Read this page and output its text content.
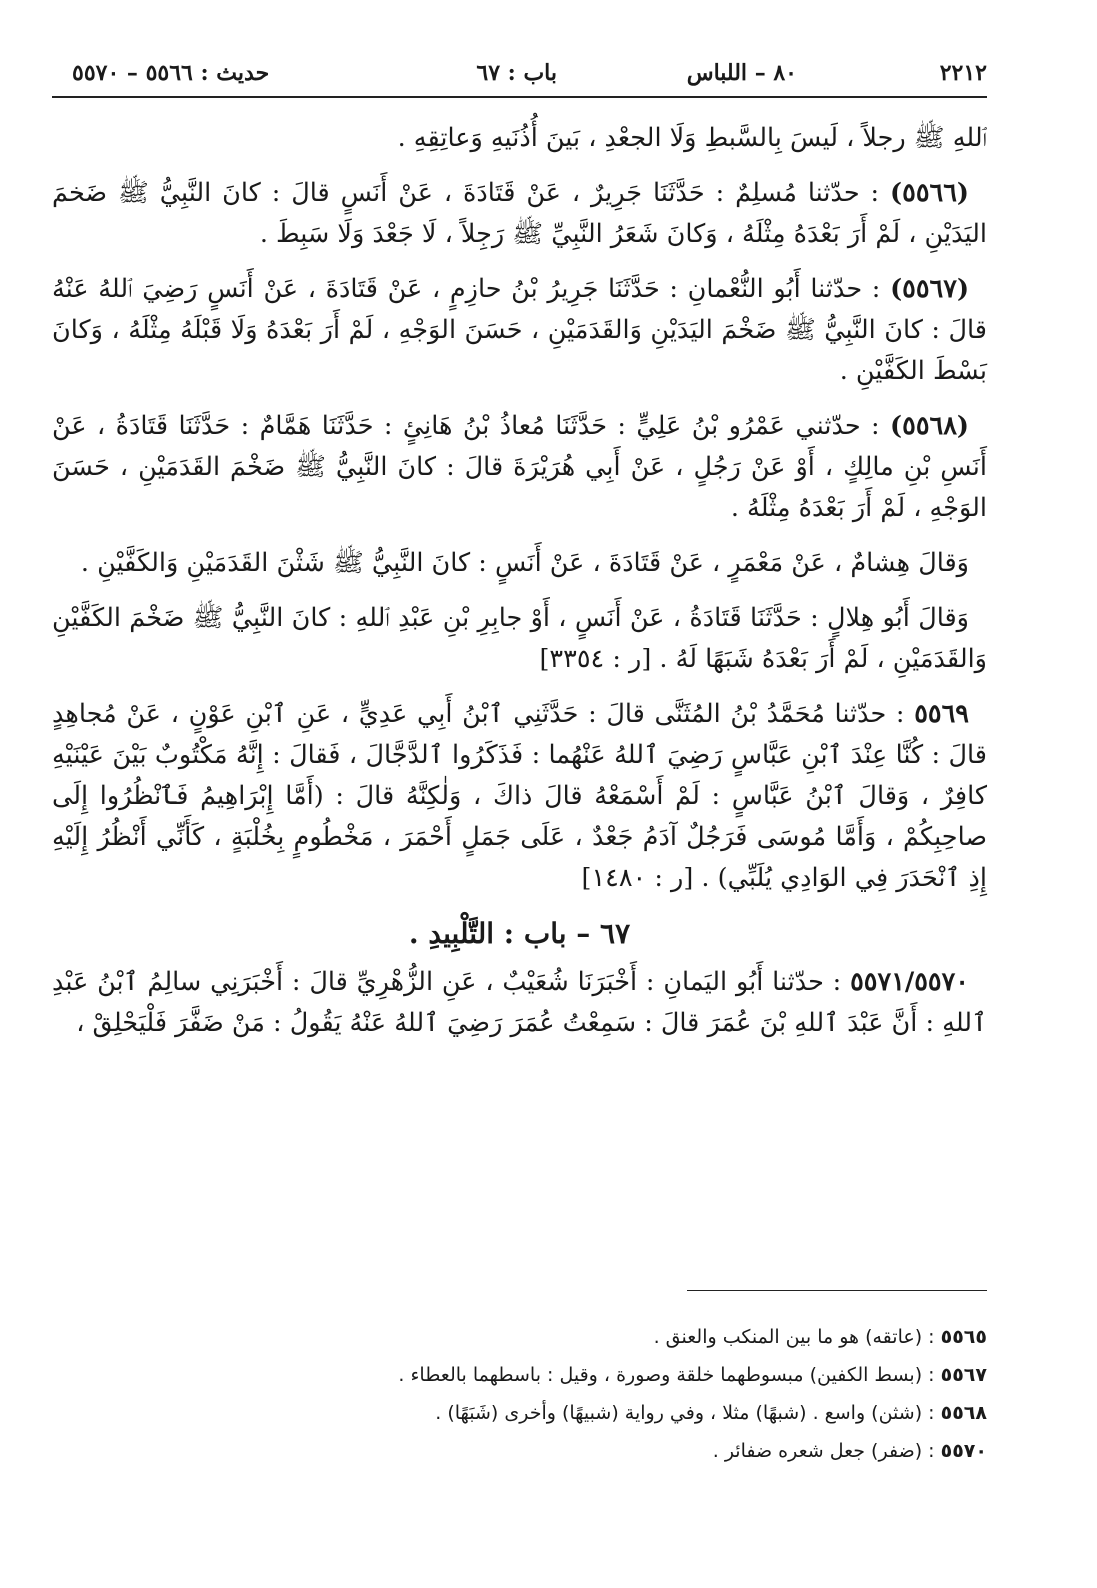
٢٢١٢
٨٠ – اللباس
باب : ٦٧
حديث : ٥٥٦٦ – ٥٥٧٠

ٱللهِ ﷺ رجلاً ، لَيسَ بِالسَّبطِ وَلَا الجعْدِ ، بَينَ أُذُنَيهِ وَعاتِقِهِ .

(٥٥٦٦) : حدّثنا مُسلِمٌ : حَدَّثَنَا جَرِيرٌ ، عَنْ قَتَادَةَ ، عَنْ أَنَسٍ قالَ : كانَ النَّبِيُّ ﷺ ضَخمَ اليَدَيْنِ ، لَمْ أَرَ بَعْدَهُ مِثْلَهُ ، وَكانَ شَعَرُ النَّبِيِّ ﷺ رَجِلاً ، لَا جَعْدَ وَلَا سَبِطَ .

(٥٥٦٧) : حدّثنا أَبُو النُّعْمانِ : حَدَّثَنَا جَرِيرُ بْنُ حازِمٍ ، عَنْ قَتَادَةَ ، عَنْ أَنَسٍ رَضِيَ ٱللهُ عَنْهُ قالَ : كانَ النَّبِيُّ ﷺ ضَخْمَ اليَدَيْنِ وَالقَدَمَيْنِ ، حَسَنَ الوَجْهِ ، لَمْ أَرَ بَعْدَهُ وَلَا قَبْلَهُ مِثْلَهُ ، وَكانَ بَسْطَ الكَفَّيْنِ .

(٥٥٦٨) : حدّثني عَمْرُو بْنُ عَلِيٍّ : حَدَّثَنَا مُعاذُ بْنُ هَانِئٍ : حَدَّثَنَا هَمَّامٌ : حَدَّثَنَا قَتَادَةُ ، عَنْ أَنَسِ بْنِ مالِكٍ ، أَوْ عَنْ رَجُلٍ ، عَنْ أَبِي هُرَيْرَةَ قالَ : كانَ النَّبِيُّ ﷺ ضَخْمَ القَدَمَيْنِ ، حَسَنَ الوَجْهِ ، لَمْ أَرَ بَعْدَهُ مِثْلَهُ .

وَقالَ هِشامٌ ، عَنْ مَعْمَرٍ ، عَنْ قَتَادَةَ ، عَنْ أَنَسٍ : كانَ النَّبِيُّ ﷺ شَثْنَ القَدَمَيْنِ وَالكَفَّيْنِ .

وَقالَ أَبُو هِلالٍ : حَدَّثَنَا قَتَادَةُ ، عَنْ أَنَسٍ ، أَوْ جابِرِ بْنِ عَبْدِ ٱللهِ : كانَ النَّبِيُّ ﷺ ضَخْمَ الكَفَّيْنِ وَالقَدَمَيْنِ ، لَمْ أَرَ بَعْدَهُ شَبَهًا لَهُ . [ر : ٣٣٥٤]

٥٥٦٩ : حدّثنا مُحَمَّدُ بْنُ المُثَنَّى قالَ : حَدَّثَنِي ٱبْنُ أَبِي عَدِيٍّ ، عَنِ ٱبْنِ عَوْنٍ ، عَنْ مُجاهِدٍ قالَ : كُنَّا عِنْدَ ٱبْنِ عَبَّاسٍ رَضِيَ ٱللهُ عَنْهُما : فَذَكَرُوا ٱلدَّجَّالَ ، فَقالَ : إِنَّهُ مَكْتُوبٌ بَيْنَ عَيْنَيْهِ كافِرٌ ، وَقالَ ٱبْنُ عَبَّاسٍ : لَمْ أَسْمَعْهُ قالَ ذاكَ ، وَلٰكِنَّهُ قالَ : (أَمَّا إِبْرَاهِيمُ فَٱنْظُرُوا إِلَى صاحِبِكُمْ ، وَأَمَّا مُوسَى فَرَجُلٌ آدَمُ جَعْدٌ ، عَلَى جَمَلٍ أَحْمَرَ ، مَخْطُومٍ بِخُلْبَةٍ ، كَأَنِّي أَنْظُرُ إِلَيْهِ إِذِ ٱنْحَدَرَ فِي الوَادِي يُلَبِّي) . [ر : ١٤٨٠]

٦٧ – باب : التَّلْبِيدِ .

٥٥٧١/٥٥٧٠ : حدّثنا أَبُو اليَمانِ : أَخْبَرَنَا شُعَيْبٌ ، عَنِ الزُّهْرِيِّ قالَ : أَخْبَرَنِي سالِمُ ٱبْنُ عَبْدِ ٱللهِ : أَنَّ عَبْدَ ٱللهِ بْنَ عُمَرَ قالَ : سَمِعْتُ عُمَرَ رَضِيَ ٱللهُ عَنْهُ يَقُولُ : مَنْ ضَفَّرَ فَلْيَحْلِقْ ،

٥٥٦٥ : (عاتقه) هو ما بين المنكب والعنق .
٥٥٦٧ : (بسط الكفين) مبسوطهما خلقة وصورة ، وقيل : باسطهما بالعطاء .
٥٥٦٨ : (شثن) واسع . (شبهًا) مثلا ، وفي رواية (شبيهًا) وأخرى (شَبَهًا) .
٥٥٧٠ : (ضفر) جعل شعره ضفائر .
